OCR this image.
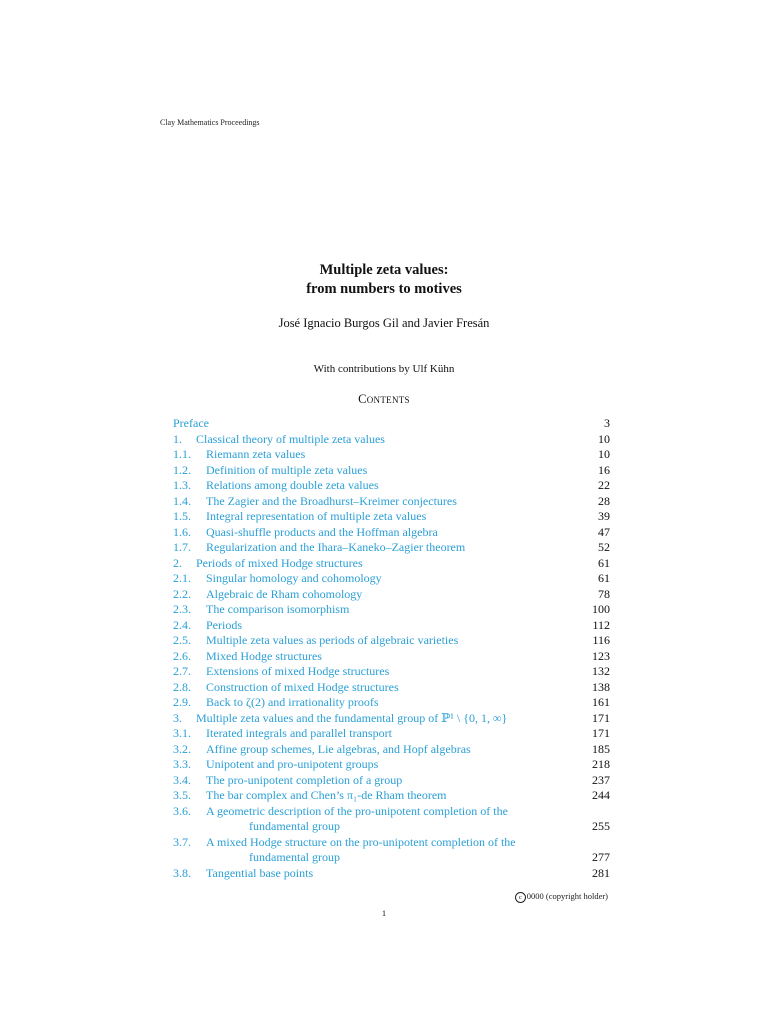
Clay Mathematics Proceedings
Multiple zeta values:
from numbers to motives
José Ignacio Burgos Gil and Javier Fresán
With contributions by Ulf Kühn
Contents
Preface	3
1. Classical theory of multiple zeta values	10
1.1. Riemann zeta values	10
1.2. Definition of multiple zeta values	16
1.3. Relations among double zeta values	22
1.4. The Zagier and the Broadhurst–Kreimer conjectures	28
1.5. Integral representation of multiple zeta values	39
1.6. Quasi-shuffle products and the Hoffman algebra	47
1.7. Regularization and the Ihara–Kaneko–Zagier theorem	52
2. Periods of mixed Hodge structures	61
2.1. Singular homology and cohomology	61
2.2. Algebraic de Rham cohomology	78
2.3. The comparison isomorphism	100
2.4. Periods	112
2.5. Multiple zeta values as periods of algebraic varieties	116
2.6. Mixed Hodge structures	123
2.7. Extensions of mixed Hodge structures	132
2.8. Construction of mixed Hodge structures	138
2.9. Back to ζ(2) and irrationality proofs	161
3. Multiple zeta values and the fundamental group of ℙ¹ \ {0, 1, ∞}	171
3.1. Iterated integrals and parallel transport	171
3.2. Affine group schemes, Lie algebras, and Hopf algebras	185
3.3. Unipotent and pro-unipotent groups	218
3.4. The pro-unipotent completion of a group	237
3.5. The bar complex and Chen’s π₁-de Rham theorem	244
3.6. A geometric description of the pro-unipotent completion of the
fundamental group	255
3.7. A mixed Hodge structure on the pro-unipotent completion of the
fundamental group	277
3.8. Tangential base points	281
c 0000 (copyright holder)
1
